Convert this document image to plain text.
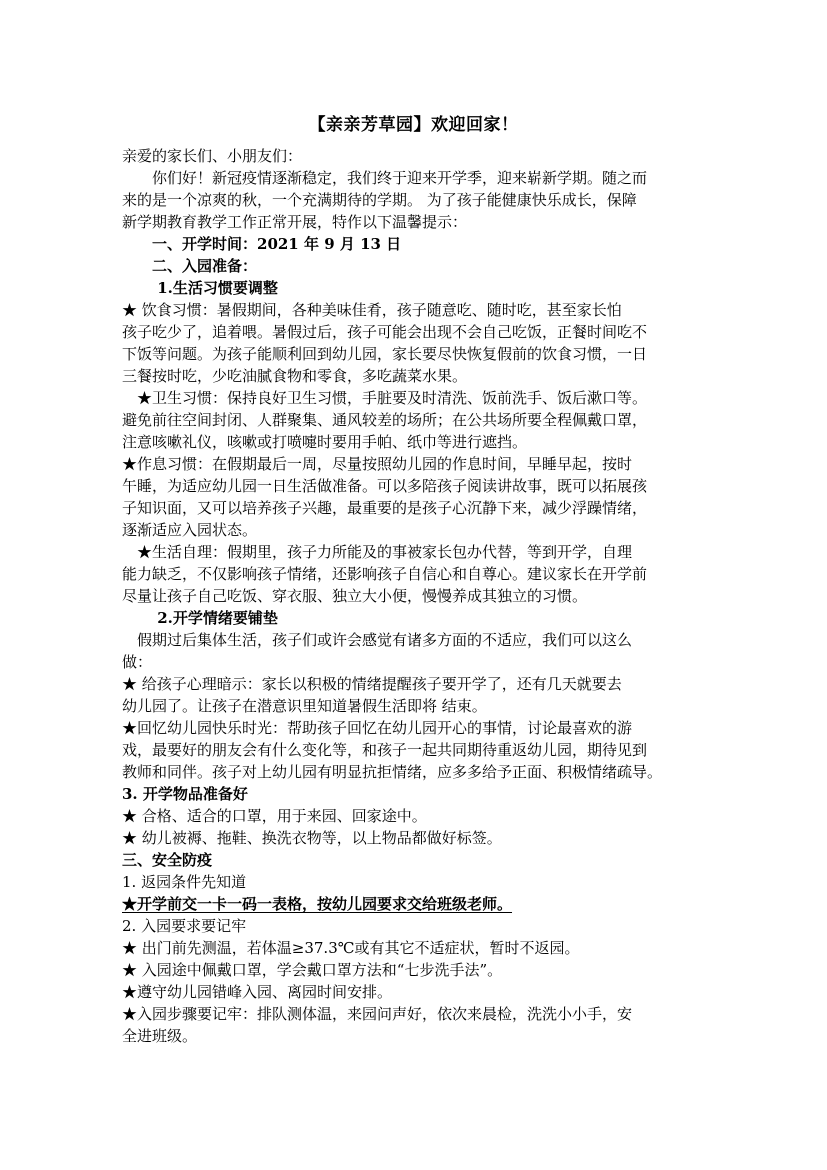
【亲亲芳草园】欢迎回家！
亲爱的家长们、小朋友们：
　　你们好！新冠疫情逐渐稳定，我们终于迎来开学季，迎来崭新学期。随之而
来的是一个凉爽的秋，一个充满期待的学期。 为了孩子能健康快乐成长，保障
新学期教育教学工作正常开展，特作以下温馨提示：
　　一、开学时间：2021 年 9 月 13 日
　　二、入园准备：
　　 1.生活习惯要调整
★ 饮食习惯：暑假期间，各种美味佳肴，孩子随意吃、随时吃，甚至家长怕
孩子吃少了，追着喂。暑假过后，孩子可能会出现不会自己吃饭，正餐时间吃不
下饭等问题。为孩子能顺利回到幼儿园，家长要尽快恢复假前的饮食习惯，一日
三餐按时吃，少吃油腻食物和零食，多吃蔬菜水果。
　★卫生习惯：保持良好卫生习惯，手脏要及时清洗、饭前洗手、饭后漱口等。
避免前往空间封闭、人群聚集、通风较差的场所；在公共场所要全程佩戴口罩，
注意咳嗽礼仪，咳嗽或打喷嚏时要用手帕、纸巾等进行遮挡。
★作息习惯：在假期最后一周，尽量按照幼儿园的作息时间，早睡早起，按时
午睡，为适应幼儿园一日生活做准备。可以多陪孩子阅读讲故事，既可以拓展孩
子知识面，又可以培养孩子兴趣，最重要的是孩子心沉静下来，减少浮躁情绪，
逐渐适应入园状态。
　★生活自理：假期里，孩子力所能及的事被家长包办代替，等到开学，自理
能力缺乏，不仅影响孩子情绪，还影响孩子自信心和自尊心。建议家长在开学前
尽量让孩子自己吃饭、穿衣服、独立大小便，慢慢养成其独立的习惯。
　　 2.开学情绪要铺垫
　假期过后集体生活，孩子们或许会感觉有诸多方面的不适应，我们可以这么
做：
★ 给孩子心理暗示：家长以积极的情绪提醒孩子要开学了，还有几天就要去
幼儿园了。让孩子在潜意识里知道暑假生活即将 结束。
★回忆幼儿园快乐时光：帮助孩子回忆在幼儿园开心的事情，讨论最喜欢的游
戏，最要好的朋友会有什么变化等，和孩子一起共同期待重返幼儿园，期待见到
教师和同伴。孩子对上幼儿园有明显抗拒情绪，应多多给予正面、积极情绪疏导。
3. 开学物品准备好
★ 合格、适合的口罩，用于来园、回家途中。
★ 幼儿被褥、拖鞋、换洗衣物等，以上物品都做好标签。
三、安全防疫
1. 返园条件先知道
★开学前交一卡一码一表格，按幼儿园要求交给班级老师。
2. 入园要求要记牢
★ 出门前先测温，若体温≥37.3℃或有其它不适症状，暂时不返园。
★ 入园途中佩戴口罩，学会戴口罩方法和“七步洗手法”。
★遵守幼儿园错峰入园、离园时间安排。
★入园步骤要记牢：排队测体温，来园问声好，依次来晨检，洗洗小小手，安
全进班级。
